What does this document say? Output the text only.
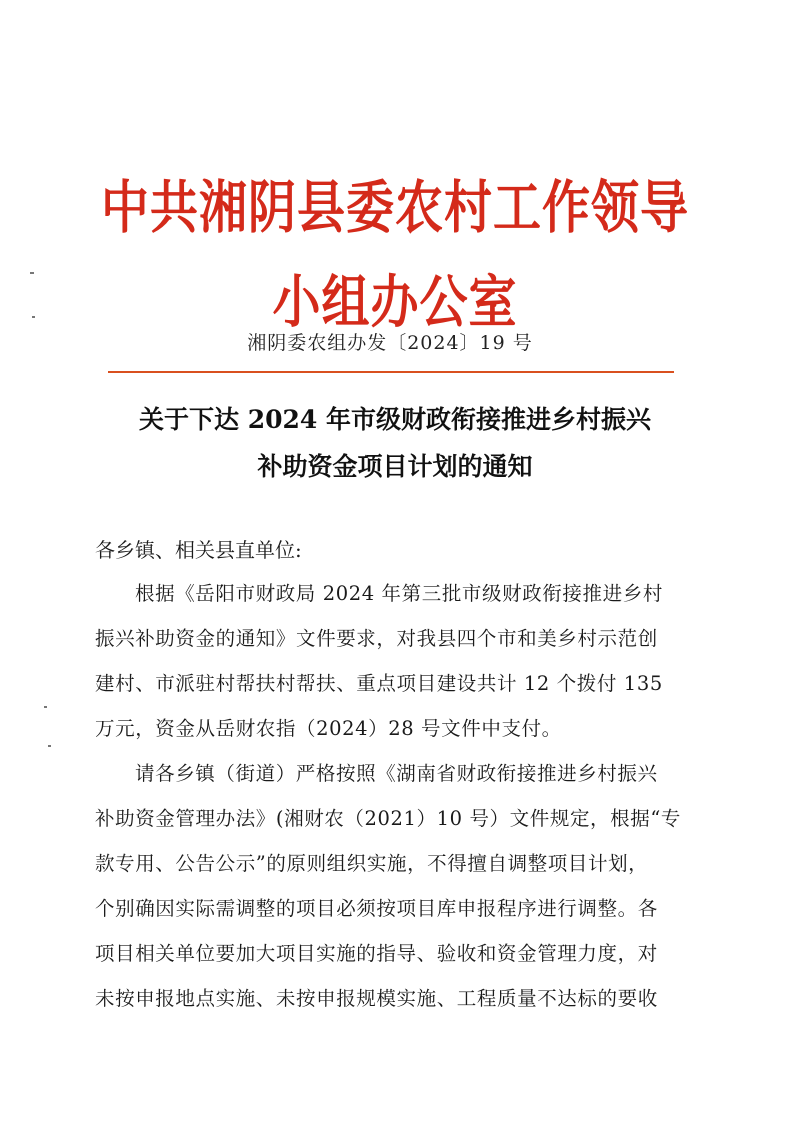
中共湘阴县委农村工作领导小组办公室
湘阴委农组办发〔2024〕19 号
关于下达 2024 年市级财政衔接推进乡村振兴
补助资金项目计划的通知
各乡镇、相关县直单位:
根据《岳阳市财政局 2024 年第三批市级财政衔接推进乡村
振兴补助资金的通知》文件要求，对我县四个市和美乡村示范创
建村、市派驻村帮扶村帮扶、重点项目建设共计 12 个拨付 135
万元，资金从岳财农指（2024）28 号文件中支付。
请各乡镇（街道）严格按照《湖南省财政衔接推进乡村振兴
补助资金管理办法》(湘财农（2021）10 号）文件规定，根据“专
款专用、公告公示”的原则组织实施，不得擅自调整项目计划，
个别确因实际需调整的项目必须按项目库申报程序进行调整。各
项目相关单位要加大项目实施的指导、验收和资金管理力度，对
未按申报地点实施、未按申报规模实施、工程质量不达标的要收
